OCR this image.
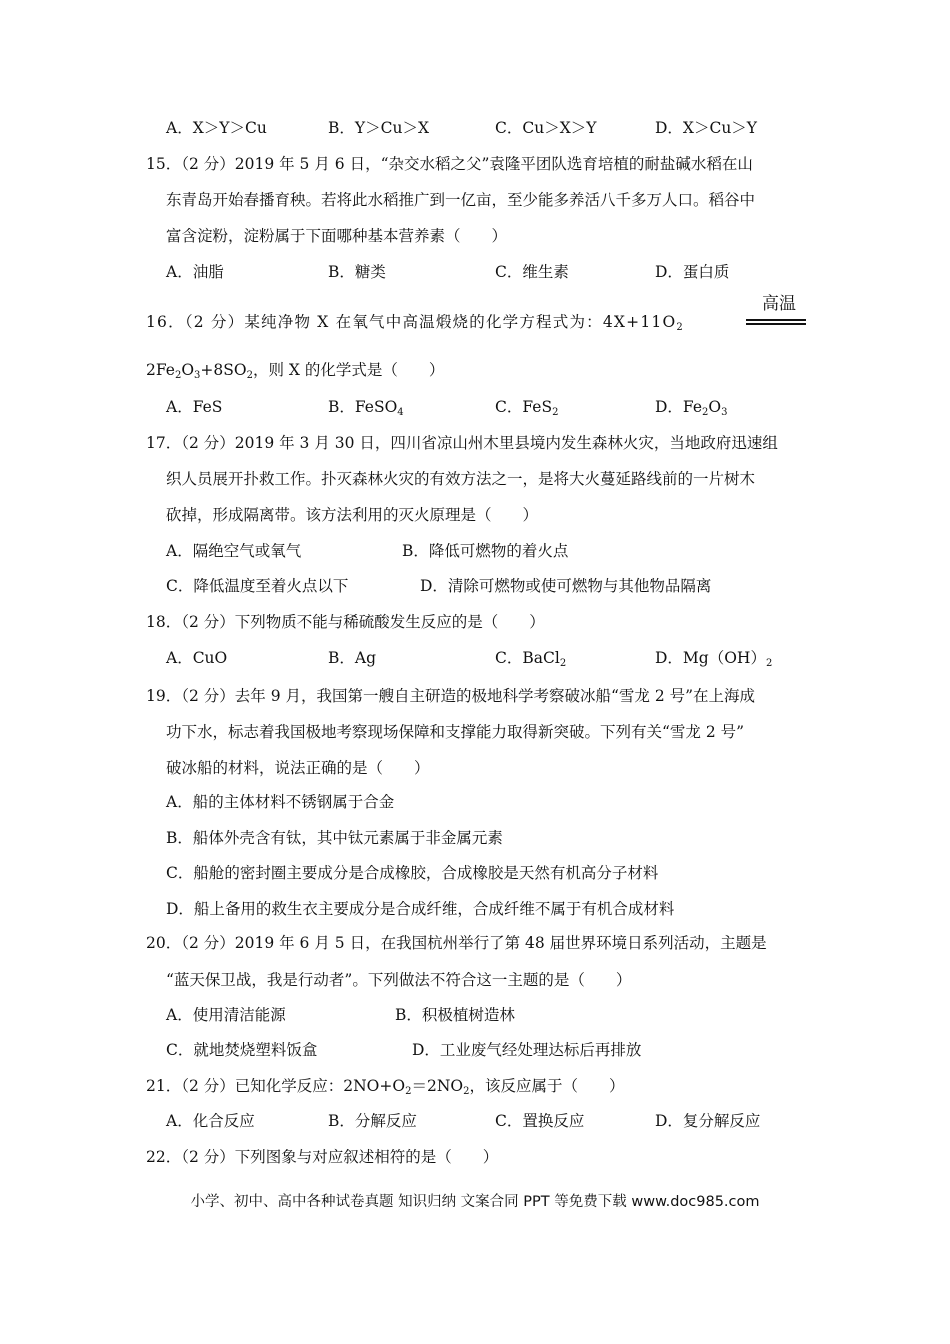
A．X＞Y＞Cu	B．Y＞Cu＞X	C．Cu＞X＞Y	D．X＞Cu＞Y
15．（2 分）2019 年 5 月 6 日，“杂交水稻之父”袁隆平团队选育培植的耐盐碱水稻在山
东青岛开始春播育秧。若将此水稻推广到一亿亩，至少能多养活八千多万人口。稻谷中
富含淀粉，淀粉属于下面哪种基本营养素（　　）
A．油脂	B．糖类	C．维生素	D．蛋白质
16．（2 分）某纯净物 X 在氧气中高温煅烧的化学方程式为：$4X+11O_2$
高温
$2Fe_2O_3+8SO_2$，则 X 的化学式是（　　）
A．FeS	B．FeSO$_4$	C．FeS$_2$	D．$Fe_2O_3$
17．（2 分）2019 年 3 月 30 日，四川省凉山州木里县境内发生森林火灾，当地政府迅速组
织人员展开扑救工作。扑灭森林火灾的有效方法之一，是将大火蔓延路线前的一片树木
砍掉，形成隔离带。该方法利用的灭火原理是（　　）
A．隔绝空气或氧气	B．降低可燃物的着火点
C．降低温度至着火点以下	D．清除可燃物或使可燃物与其他物品隔离
18．（2 分）下列物质不能与稀硫酸发生反应的是（　　）
A．CuO	B．Ag	C．BaCl$_2$	D．$Mg(OH)_2$
19．（2 分）去年 9 月，我国第一艘自主研造的极地科学考察破冰船“雪龙 2 号”在上海成
功下水，标志着我国极地考察现场保障和支撑能力取得新突破。下列有关“雪龙 2 号”
破冰船的材料，说法正确的是（　　）
A．船的主体材料不锈钢属于合金
B．船体外壳含有钛，其中钛元素属于非金属元素
C．船舱的密封圈主要成分是合成橡胶，合成橡胶是天然有机高分子材料
D．船上备用的救生衣主要成分是合成纤维，合成纤维不属于有机合成材料
20．（2 分）2019 年 6 月 5 日，在我国杭州举行了第 48 届世界环境日系列活动，主题是
“蓝天保卫战，我是行动者”。下列做法不符合这一主题的是（　　）
A．使用清洁能源	B．积极植树造林
C．就地焚烧塑料饭盒	D．工业废气经处理达标后再排放
21．（2 分）已知化学反应：$2NO+O_2=2NO_2$，该反应属于（　　）
A．化合反应	B．分解反应	C．置换反应	D．复分解反应
22．（2 分）下列图象与对应叙述相符的是（　　）
小学、初中、高中各种试卷真题 知识归纳 文案合同 PPT 等免费下载 www.doc985.com
